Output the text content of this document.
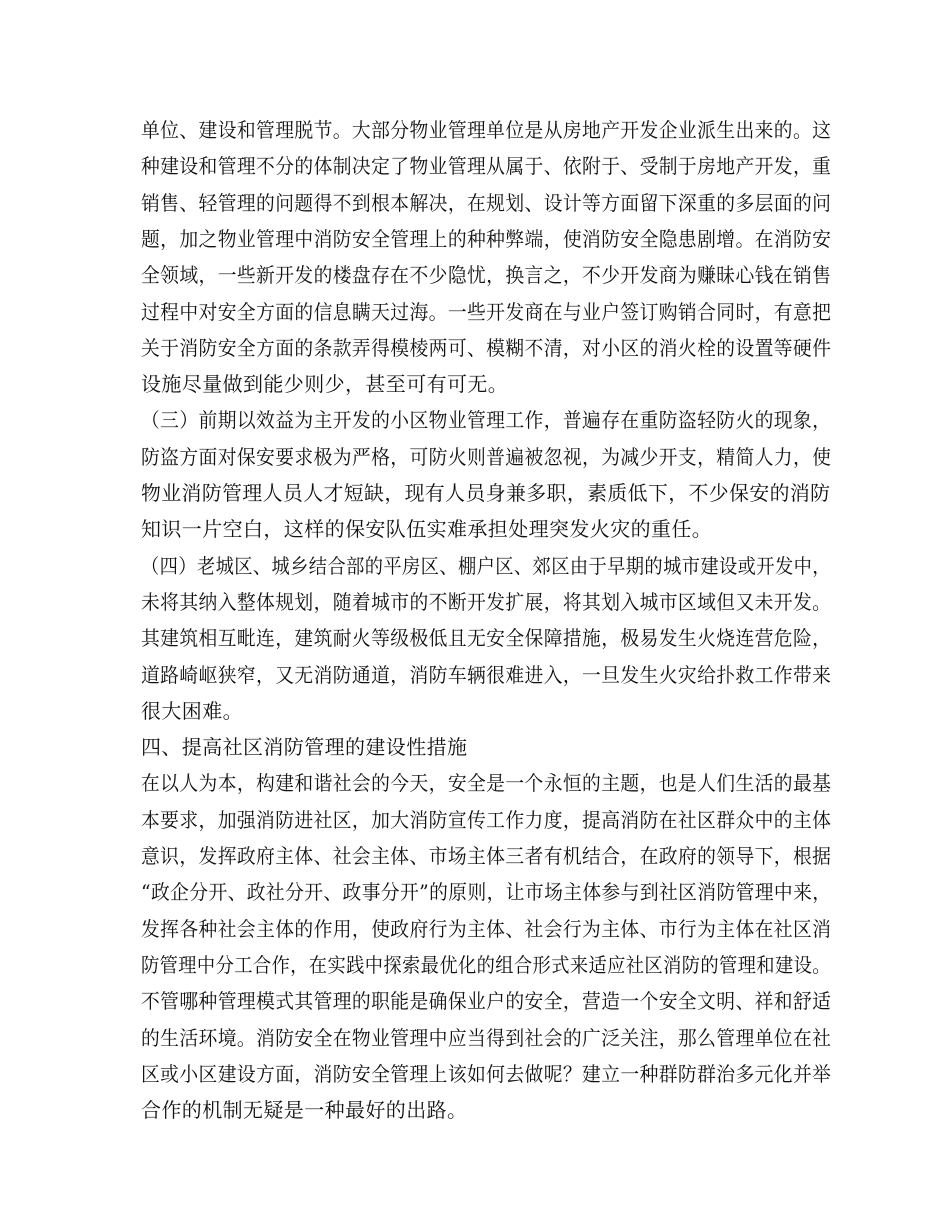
单位、建设和管理脱节。大部分物业管理单位是从房地产开发企业派生出来的。这
种建设和管理不分的体制决定了物业管理从属于、依附于、受制于房地产开发，重
销售、轻管理的问题得不到根本解决，在规划、设计等方面留下深重的多层面的问
题，加之物业管理中消防安全管理上的种种弊端，使消防安全隐患剧增。在消防安
全领域，一些新开发的楼盘存在不少隐忧，换言之，不少开发商为赚昧心钱在销售
过程中对安全方面的信息瞒天过海。一些开发商在与业户签订购销合同时，有意把
关于消防安全方面的条款弄得模棱两可、模糊不清，对小区的消火栓的设置等硬件
设施尽量做到能少则少，甚至可有可无。
（三）前期以效益为主开发的小区物业管理工作，普遍存在重防盗轻防火的现象，
防盗方面对保安要求极为严格，可防火则普遍被忽视，为减少开支，精简人力，使
物业消防管理人员人才短缺，现有人员身兼多职，素质低下，不少保安的消防
知识一片空白，这样的保安队伍实难承担处理突发火灾的重任。
（四）老城区、城乡结合部的平房区、棚户区、郊区由于早期的城市建设或开发中，
未将其纳入整体规划，随着城市的不断开发扩展，将其划入城市区域但又未开发。
其建筑相互毗连，建筑耐火等级极低且无安全保障措施，极易发生火烧连营危险，
道路崎岖狭窄，又无消防通道，消防车辆很难进入，一旦发生火灾给扑救工作带来
很大困难。
四、提高社区消防管理的建设性措施
在以人为本，构建和谐社会的今天，安全是一个永恒的主题，也是人们生活的最基
本要求，加强消防进社区，加大消防宣传工作力度，提高消防在社区群众中的主体
意识，发挥政府主体、社会主体、市场主体三者有机结合，在政府的领导下，根据
“政企分开、政社分开、政事分开”的原则，让市场主体参与到社区消防管理中来，
发挥各种社会主体的作用，使政府行为主体、社会行为主体、市行为主体在社区消
防管理中分工合作，在实践中探索最优化的组合形式来适应社区消防的管理和建设。
不管哪种管理模式其管理的职能是确保业户的安全，营造一个安全文明、祥和舒适
的生活环境。消防安全在物业管理中应当得到社会的广泛关注，那么管理单位在社
区或小区建设方面，消防安全管理上该如何去做呢？建立一种群防群治多元化并举
合作的机制无疑是一种最好的出路。
